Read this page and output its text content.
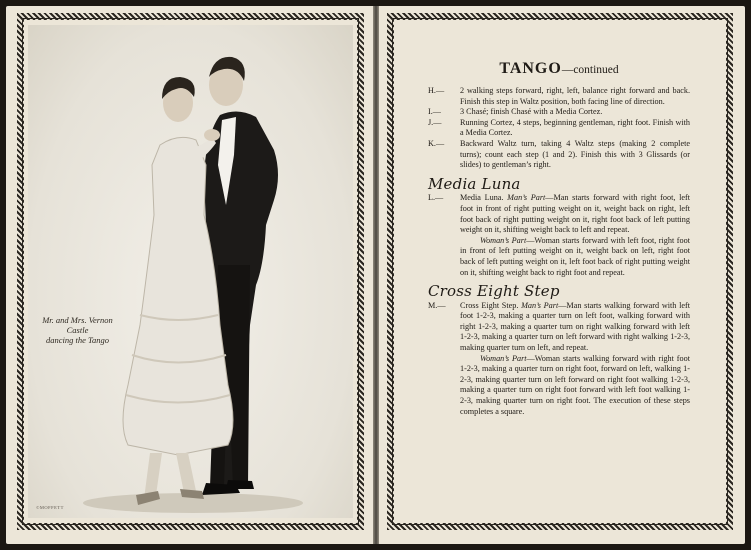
Mr. and Mrs. Vernon Castle
dancing the Tango
©MOFFETT
TANGO—continued

H.— 2 walking steps forward, right, left, balance right forward and back. Finish this step in Waltz position, both facing line of direction.

I.— 3 Chasé; finish Chasé with a Media Cortez.

J.— Running Cortez, 4 steps, beginning gentleman, right foot. Finish with a Media Cortez.

K.— Backward Waltz turn, taking 4 Waltz steps (making 2 complete turns); count each step (1 and 2). Finish this with 3 Glissards (or slides) to gentleman’s right.

Media Luna

L.— Media Luna. Man’s Part—Man starts forward with right foot, left foot in front of right putting weight on it, weight back on right, left foot back of right putting weight on it, right foot back of left putting weight on it, shifting weight back to left and repeat.

Woman’s Part—Woman starts forward with left foot, right foot in front of left putting weight on it, weight back on left, right foot back of left putting weight on it, left foot back of right putting weight on it, shifting weight back to right foot and repeat.

Cross Eight Step

M.— Cross Eight Step. Man’s Part—Man starts walking forward with left foot 1-2-3, making a quarter turn on left foot, walking forward with right 1-2-3, making a quarter turn on right walking forward with left 1-2-3, making a quarter turn on left forward with right walking 1-2-3, making quarter turn on left, and repeat.

Woman’s Part—Woman starts walking forward with right foot 1-2-3, making a quarter turn on right foot, forward on left, walking 1-2-3, making quarter turn on left forward on right foot walking 1-2-3, making a quarter turn on right foot forward with left foot walking 1-2-3, making quarter turn on right foot. The execution of these steps completes a square.
